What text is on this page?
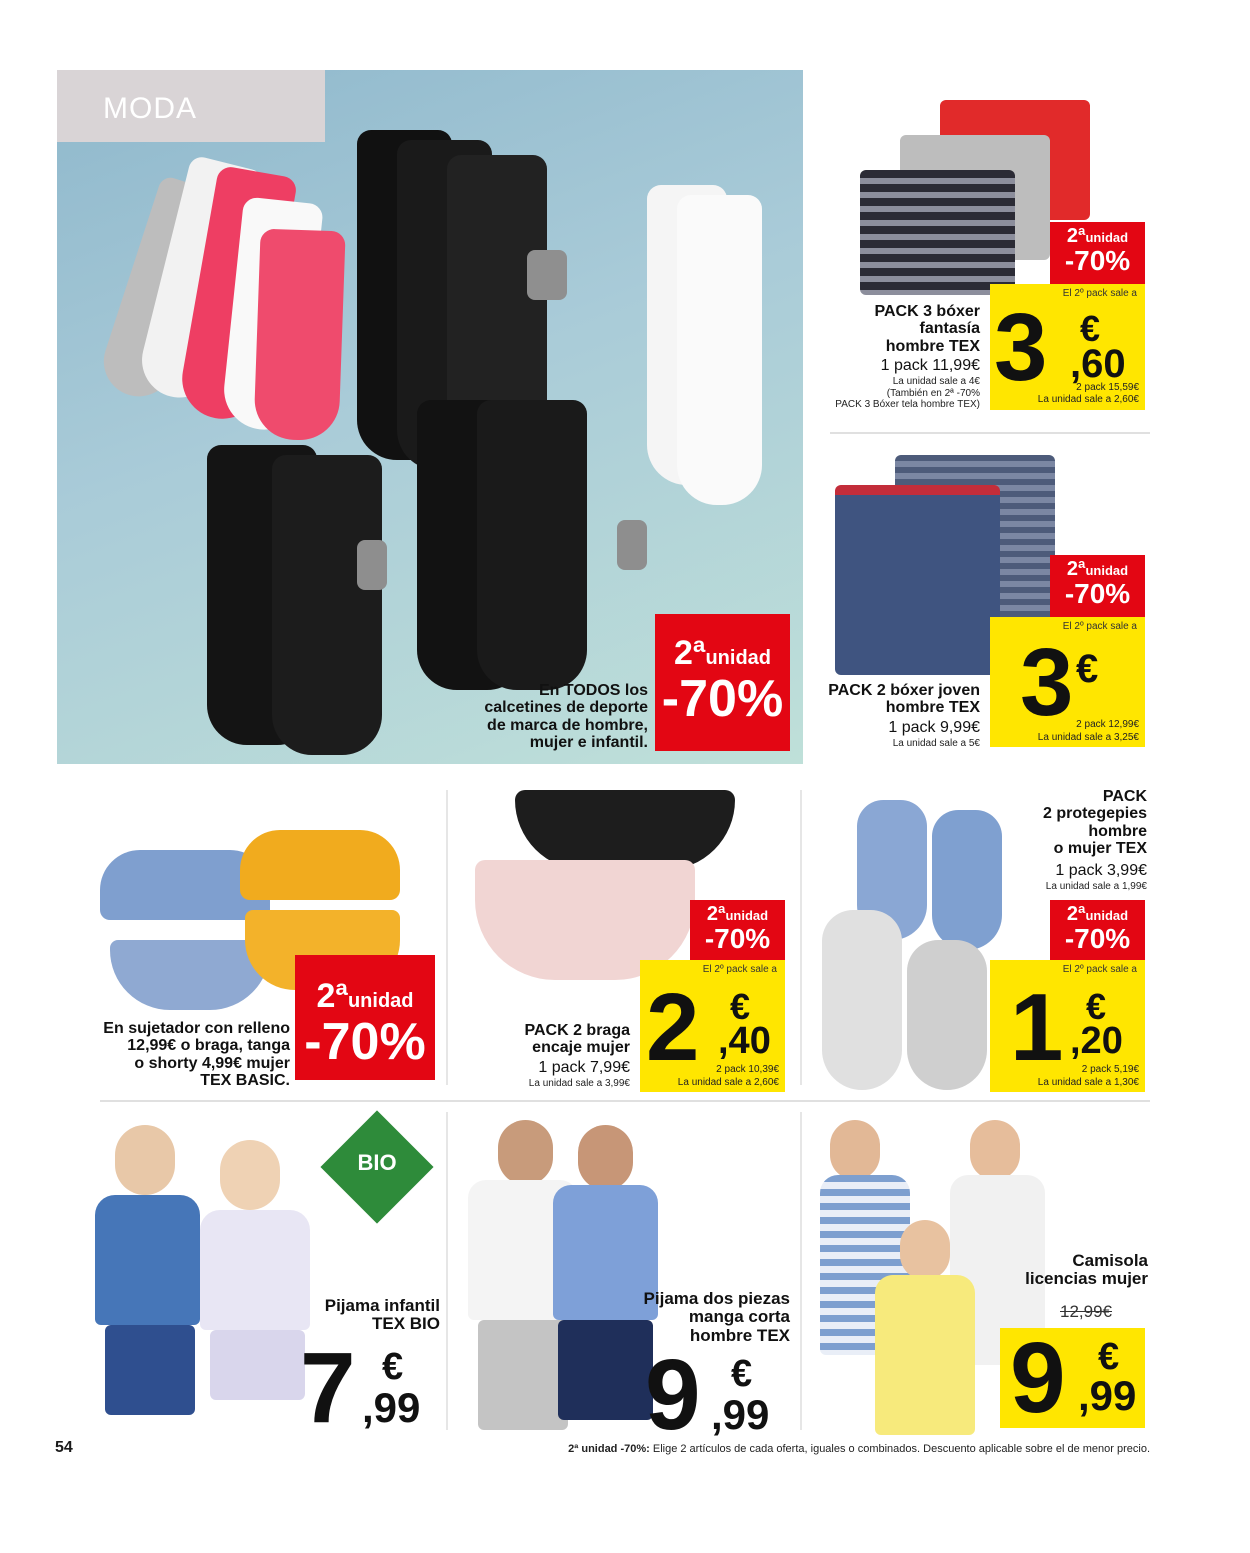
MODA
2ªunidad
-70%
En TODOS los
calcetines de deporte
de marca de hombre,
mujer e infantil.
2ªunidad
-70%
El 2º pack sale a
3 €
,60
2 pack 15,59€
La unidad sale a 2,60€
PACK 3 bóxer
fantasía
hombre TEX
1 pack 11,99€
La unidad sale a 4€
(También en 2ª -70%
PACK 3 Bóxer tela hombre TEX)
2ªunidad
-70%
El 2º pack sale a
3 €
2 pack 12,99€
La unidad sale a 3,25€
PACK 2 bóxer joven
hombre TEX
1 pack 9,99€
La unidad sale a 5€
2ªunidad
-70%
En sujetador con relleno
12,99€ o braga, tanga
o shorty 4,99€ mujer
TEX BASIC.
2ªunidad
-70%
El 2º pack sale a
2 €
,40
2 pack 10,39€
La unidad sale a 2,60€
PACK 2 braga
encaje mujer
1 pack 7,99€
La unidad sale a 3,99€
PACK
2 protegepies
hombre
o mujer TEX
1 pack 3,99€
La unidad sale a 1,99€
2ªunidad
-70%
El 2º pack sale a
1 €
,20
2 pack 5,19€
La unidad sale a 1,30€
BIO
Pijama infantil
TEX BIO
7 €
,99
Pijama dos piezas
manga corta
hombre TEX
9 €
,99
Camisola
licencias mujer
12,99€
9 €
,99
54	2ª unidad -70%: Elige 2 artículos de cada oferta, iguales o combinados. Descuento aplicable sobre el de menor precio.
